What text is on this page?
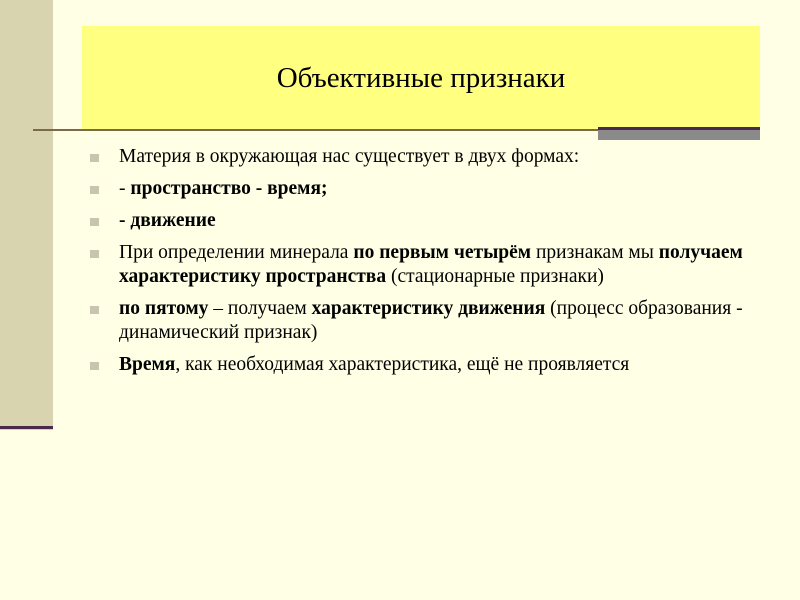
Объективные признаки
Материя в окружающая нас существует в двух формах:
- пространство - время;
- движение
При определении минерала по первым четырём признакам мы получаем характеристику пространства (стационарные признаки)
по пятому – получаем характеристику движения (процесс образования - динамический признак)
Время, как необходимая характеристика, ещё не проявляется
